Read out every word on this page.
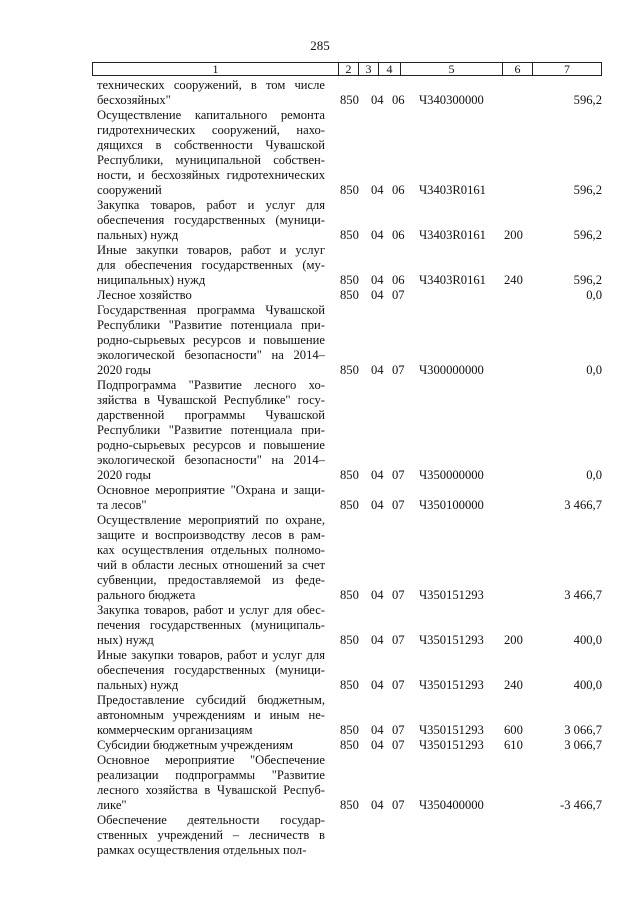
285
1	2	3	4	5	6	7
технических сооружений, в том числе
бесхозяйных"	850 04 06 Ч340300000	596,2
Осуществление капитального ремонта
гидротехнических сооружений, нахо-
дящихся в собственности Чувашской
Республики, муниципальной собствен-
ности, и бесхозяйных гидротехнических
сооружений	850 04 06 Ч3403R0161	596,2
Закупка товаров, работ и услуг для
обеспечения государственных (муници-
пальных) нужд	850 04 06 Ч3403R0161 200	596,2
Иные закупки товаров, работ и услуг
для обеспечения государственных (му-
ниципальных) нужд	850 04 06 Ч3403R0161 240	596,2
Лесное хозяйство	850 04 07	0,0
Государственная программа Чувашской
Республики "Развитие потенциала при-
родно-сырьевых ресурсов и повышение
экологической безопасности" на 2014–
2020 годы	850 04 07 Ч300000000	0,0
Подпрограмма "Развитие лесного хо-
зяйства в Чувашской Республике" госу-
дарственной программы Чувашской
Республики "Развитие потенциала при-
родно-сырьевых ресурсов и повышение
экологической безопасности" на 2014–
2020 годы	850 04 07 Ч350000000	0,0
Основное мероприятие "Охрана и защи-
та лесов"	850 04 07 Ч350100000	3 466,7
Осуществление мероприятий по охране,
защите и воспроизводству лесов в рам-
ках осуществления отдельных полномо-
чий в области лесных отношений за счет
субвенции, предоставляемой из феде-
рального бюджета	850 04 07 Ч350151293	3 466,7
Закупка товаров, работ и услуг для обес-
печения государственных (муниципаль-
ных) нужд	850 04 07 Ч350151293 200	400,0
Иные закупки товаров, работ и услуг для
обеспечения государственных (муници-
пальных) нужд	850 04 07 Ч350151293 240	400,0
Предоставление субсидий бюджетным,
автономным учреждениям и иным не-
коммерческим организациям	850 04 07 Ч350151293 600	3 066,7
Субсидии бюджетным учреждениям	850 04 07 Ч350151293 610	3 066,7
Основное мероприятие "Обеспечение
реализации подпрограммы "Развитие
лесного хозяйства в Чувашской Респуб-
лике"	850 04 07 Ч350400000	-3 466,7
Обеспечение деятельности государ-
ственных учреждений – лесничеств в
рамках осуществления отдельных пол-
